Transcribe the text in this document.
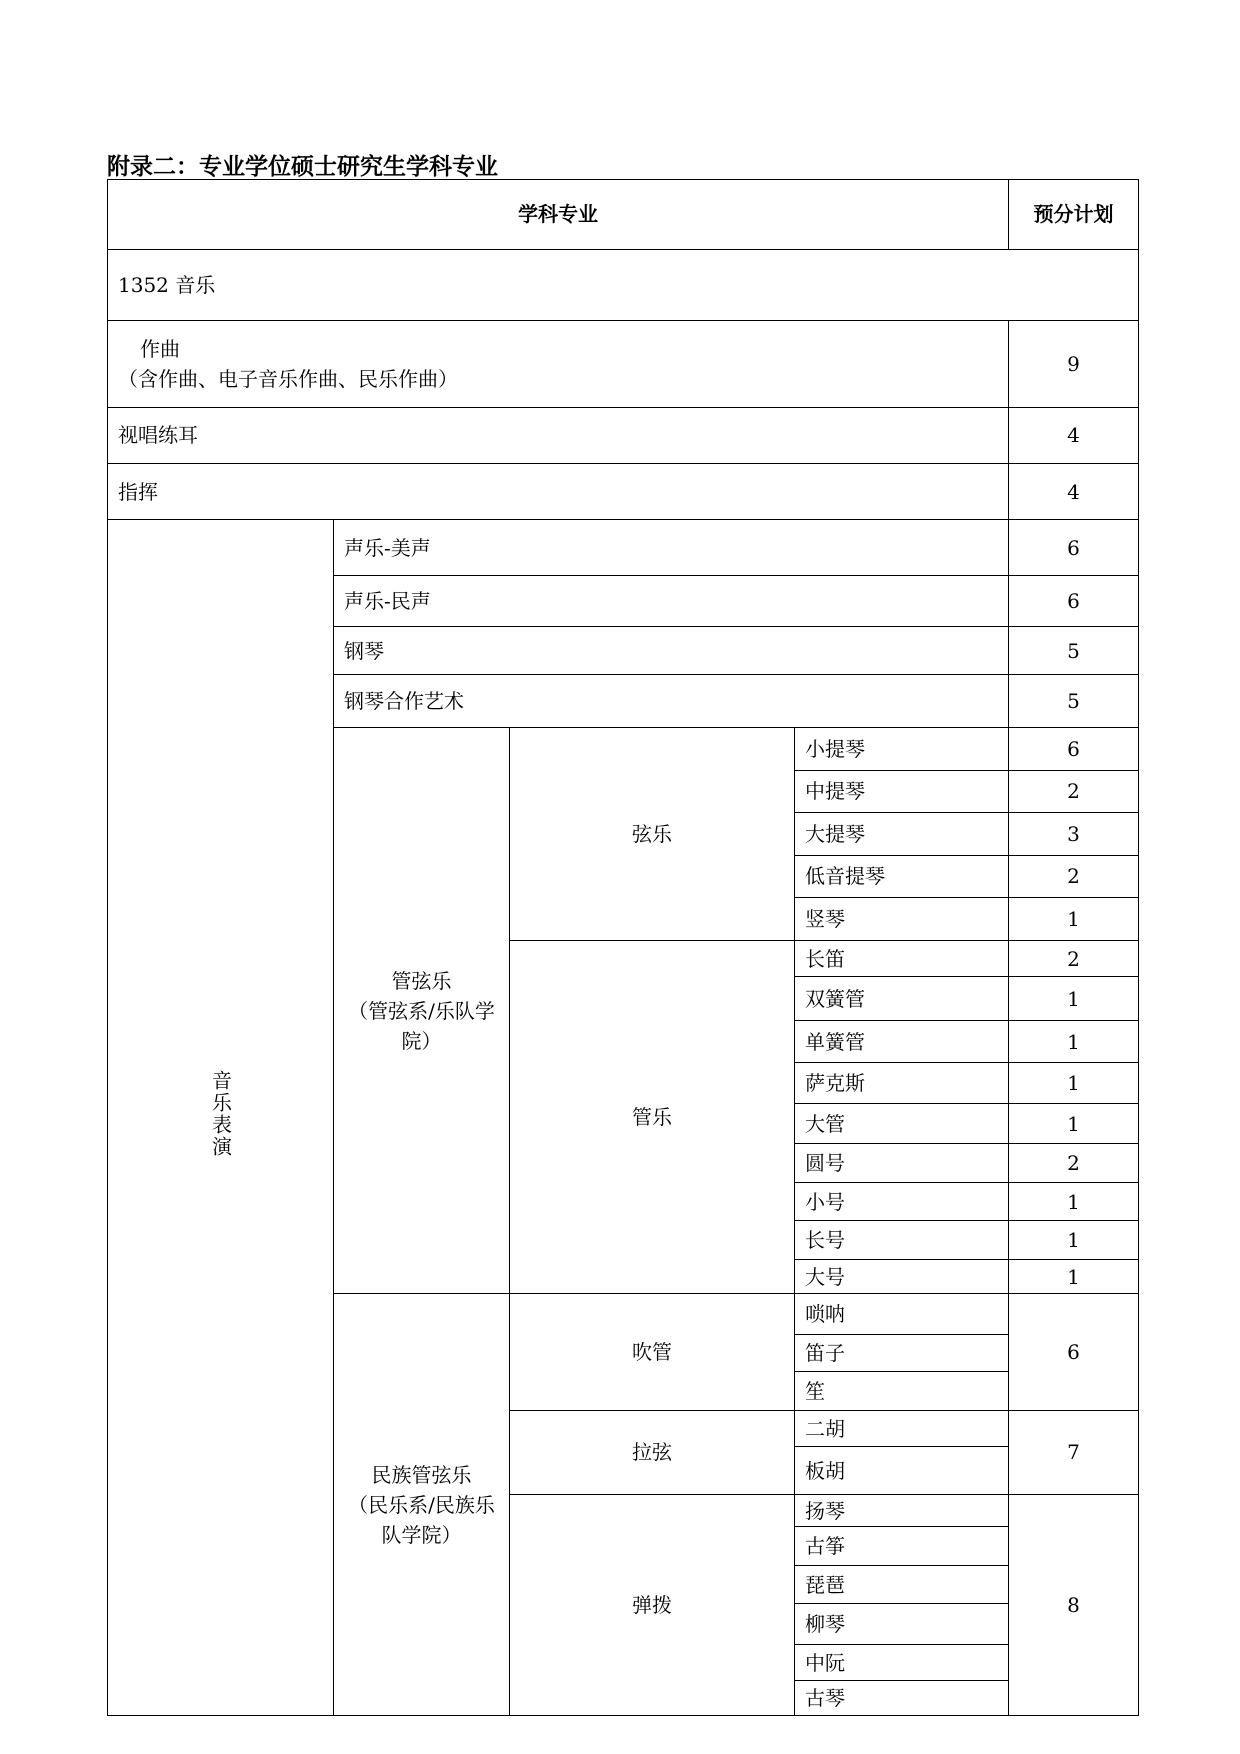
附录二：专业学位硕士研究生学科专业
学科专业				预分计划
1352 音乐				

作曲
（含作曲、电子音乐作曲、民乐作曲）				9
视唱练耳				4
指挥				4
音乐表演	声乐-美声			6
	声乐-民声			6
	钢琴			5
	钢琴合作艺术			5

	管弦乐
（管弦系/乐队学院）	弦乐	小提琴	6
			中提琴	2
			大提琴	3
			低音提琴	2
			竖琴	1
		管乐	长笛	2
			双簧管	1
			单簧管	1
			萨克斯	1
			大管	1
			圆号	2
			小号	1
			长号	1
			大号	1

	民族管弦乐
（民乐系/民族乐队学院）	吹管	唢呐	6
			笛子	
			笙	
		拉弦	二胡	7
			板胡	
		弹拨	扬琴	8
			古筝	
			琵琶	
			柳琴	
			中阮	
			古琴	
